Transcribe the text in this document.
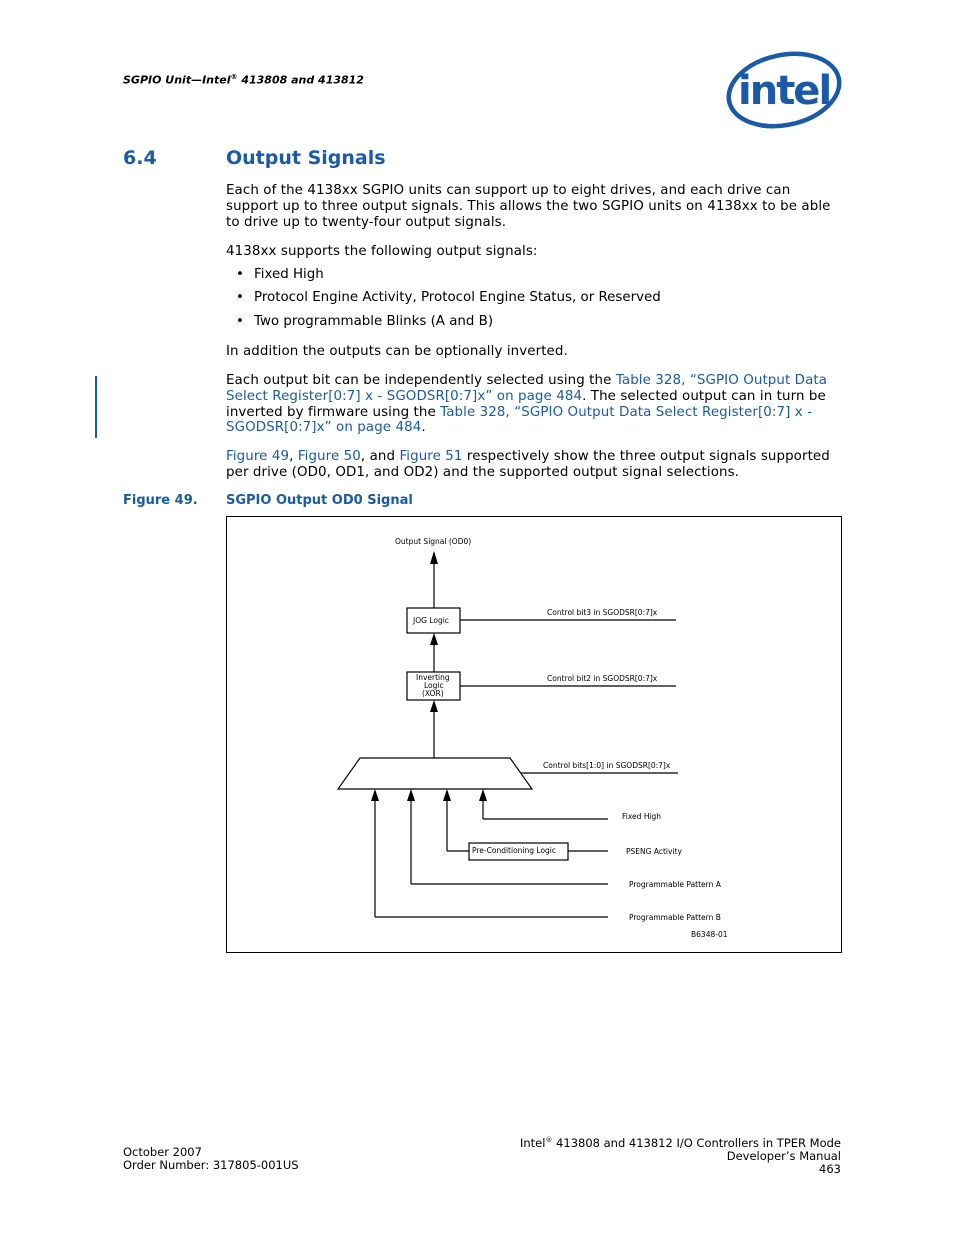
SGPIO Unit—Intel® 413808 and 413812	intel
6.4	Output Signals
Each of the 4138xx SGPIO units can support up to eight drives, and each drive can support up to three output signals. This allows the two SGPIO units on 4138xx to be able to drive up to twenty-four output signals.
4138xx supports the following output signals:
• Fixed High
• Protocol Engine Activity, Protocol Engine Status, or Reserved
• Two programmable Blinks (A and B)
In addition the outputs can be optionally inverted.
Each output bit can be independently selected using the Table 328, “SGPIO Output Data Select Register[0:7] x - SGODSR[0:7]x” on page 484. The selected output can in turn be inverted by firmware using the Table 328, “SGPIO Output Data Select Register[0:7] x - SGODSR[0:7]x” on page 484.
Figure 49, Figure 50, and Figure 51 respectively show the three output signals supported per drive (OD0, OD1, and OD2) and the supported output signal selections.
Figure 49. SGPIO Output OD0 Signal
Output Signal (OD0)
JOG Logic
Inverting
Logic
(XOR)
Control bit3 in SGODSR[0:7]x
Control bit2 in SGODSR[0:7]x
Control bits[1:0] in SGODSR[0:7]x
Fixed High
Pre-Conditioning Logic	PSENG Activity
Programmable Pattern A
Programmable Pattern B
B6348-01
October 2007
Order Number: 317805-001US
Intel® 413808 and 413812 I/O Controllers in TPER Mode
Developer’s Manual
463
